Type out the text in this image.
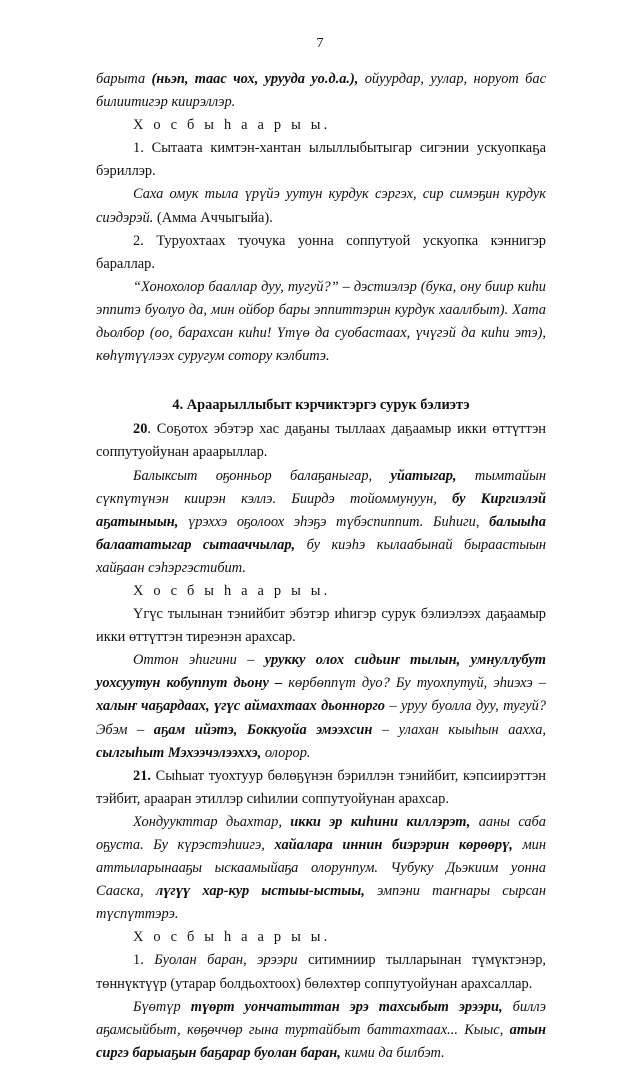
7

барыта (ньэп, таас чох, уруудa уо.д.а.), ойуурдар, уулар, норуот бас билиитигэр киирэллэр.

Х о с б ы һ а а р ы ы.

1. Сытаата кимтэн-хантан ылыллыбытыгар сигэнии ускуопкаҕа бэриллэр.

Саха омук тыла үрүйэ уутун курдук сэргэх, сир симэҕин курдук сиэдэрэй. (Амма Аччыгыйа).

2. Туруохтаах туочука уонна соппутуой ускуопка кэннигэр бараллар.

“Хонохолор бааллар дуу, тугуй?” – дэстиэлэр (бука, ону биир киһи эппитэ буолуо да, мин ойбор бары эппиттэрин курдук хааллбыт). Хата дьолбор (оо, барахсан киһи! Үтүө да суобастаах, үчүгэй да киһи этэ), көһүтүүлээх суругум сотору кэлбитэ.

4. Араарыллыбыт кэрчиктэргэ сурук бэлиэтэ

20. Соҕотох эбэтэр хас даҕаны тыллаах даҕаамыр икки өттүттэн соппутуойунан араарыллар.

Балыксыт оҕонньор балаҕаныгар, уйатыгар, тымтайын сүкпүтүнэн киирэн кэллэ. Биирдэ тойоммунуун, бу Киргиэлэй аҕатыныын, үрэххэ оҕолоох эһэҕэ түбэспиппит. Биһиги, балыыһа балаататыгар сытааччылар, бу киэһэ кылаабынай быраастыын хайҕаан сэһэргэстибит.

Х о с б ы һ а а р ы ы.

Үгүс тылынан тэнийбит эбэтэр иһигэр сурук бэлиэлээх даҕаамыр икки өттүттэн тиреэнэн арахсар.

Оттон эһигини – урукку олох сидьиҥ тылын, умнуллубут уохсуутун кобуппут дьону – көрбөппүт дуо? Бу туохпутуй, эһиэхэ – халыҥ чаҕардаах, үгүс аймахтаах дьоннорго – уруу буолла дуу, тугуй? Эбэм – аҕам ийэтэ, Боккуойа эмээхсин – улахан кыыһын аахха, сылгыһыт Мэхээчэлээххэ, олорор.

21. Сыһыат туохтуур бөлөҕүнэн бэриллэн тэнийбит, кэпсиирэттэн тэйбит, арааран этиллэр сиһилии соппутуойунан арахсар.

Хондуукттар дьахтар, икки эр киһини киллэрэт, ааны саба оҕуста. Бу күрэстэһиигэ, хайалара иннин биэрэрин көрөөрү, мин аттыларынааҕы ыскаамыйаҕа олорунnум. Чубуку Дьэкиим уонна Сааска, лүгүү хар-кур ыстыы-ыстыы, эмпэни таҥнары сырсан түспүттэрэ.

Х о с б ы һ а а р ы ы.

1. Буолан баран, эрээри ситимниир тылларынан түмүктэнэр, төннүктүүр (утарар болдьохтоох) бөлөхтөр соппутуойунан арахсаллар.

Бүөтүр түөрт уончатыттан эрэ тахсыбыт эрээри, биллэ аҕамсыйбыт, көҕөччөр гына туртайбыт баттахтаах... Кыыс, атын сиргэ барыаҕын баҕарар буолан баран, кими да билбэт.
